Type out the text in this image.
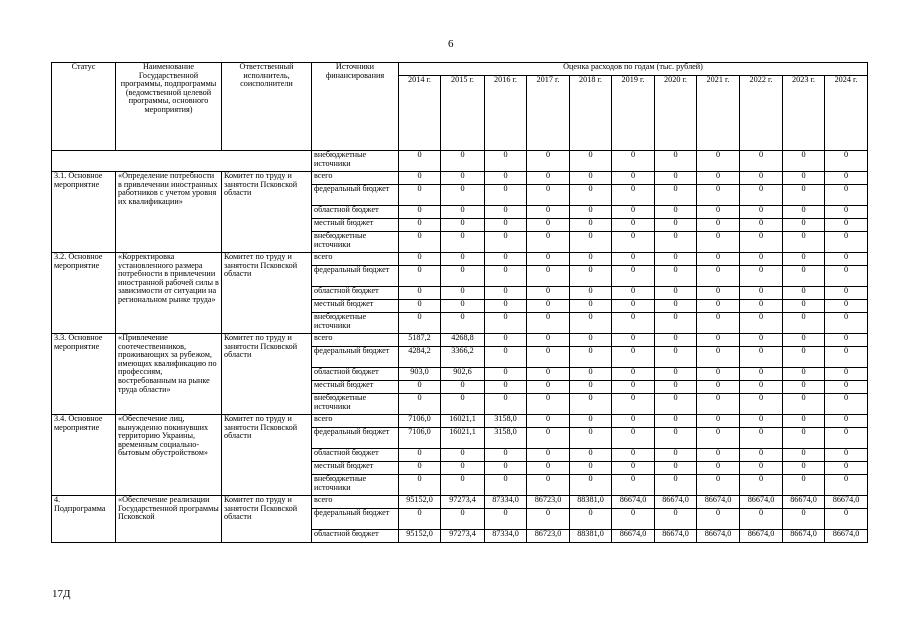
6
Статус	Наименование Государственной программы, подпрограммы (ведомственной целевой программы, основного мероприятия)	Ответственный исполнитель, соисполнители	Источники финансирования	Оценка расходов по годам (тыс. рублей)										
				2014 г.	2015 г.	2016 г.	2017 г.	2018 г.	2019 г.	2020 г.	2021 г.	2022 г.	2023 г.	2024 г.
			внебюджетные источники	0	0	0	0	0	0	0	0	0	0	0
3.1. Основное мероприятие	«Определение потребности в привлечении иностранных работников с учетом уровня их квалификации»	Комитет по труду и занятости Псковской области	всего	0	0	0	0	0	0	0	0	0	0	0
			федеральный бюджет	0	0	0	0	0	0	0	0	0	0	0
			областной бюджет	0	0	0	0	0	0	0	0	0	0	0
			местный бюджет	0	0	0	0	0	0	0	0	0	0	0
			внебюджетные источники	0	0	0	0	0	0	0	0	0	0	0
3.2. Основное мероприятие	«Корректировка установленного размера потребности в привлечении иностранной рабочей силы в зависимости от ситуации на региональном рынке труда»	Комитет по труду и занятости Псковской области	всего	0	0	0	0	0	0	0	0	0	0	0
			федеральный бюджет	0	0	0	0	0	0	0	0	0	0	0
			областной бюджет	0	0	0	0	0	0	0	0	0	0	0
			местный бюджет	0	0	0	0	0	0	0	0	0	0	0
			внебюджетные источники	0	0	0	0	0	0	0	0	0	0	0
3.3. Основное мероприятие	«Привлечение соотечественников, проживающих за рубежом, имеющих квалификацию по профессиям, востребованным на рынке труда области»	Комитет по труду и занятости Псковской области	всего	5187,2	4268,8	0	0	0	0	0	0	0	0	0
			федеральный бюджет	4284,2	3366,2	0	0	0	0	0	0	0	0	0
			областной бюджет	903,0	902,6	0	0	0	0	0	0	0	0	0
			местный бюджет	0	0	0	0	0	0	0	0	0	0	0
			внебюджетные источники	0	0	0	0	0	0	0	0	0	0	0
3.4. Основное мероприятие	«Обеспечение лиц, вынужденно покинувших территорию Украины, временным социально-бытовым обустройством»	Комитет по труду и занятости Псковской области	всего	7106,0	16021,1	3158,0	0	0	0	0	0	0	0	0
			федеральный бюджет	7106,0	16021,1	3158,0	0	0	0	0	0	0	0	0
			областной бюджет	0	0	0	0	0	0	0	0	0	0	0
			местный бюджет	0	0	0	0	0	0	0	0	0	0	0
			внебюджетные источники	0	0	0	0	0	0	0	0	0	0	0
4. Подпрограмма	«Обеспечение реализации Государственной программы Псковской	Комитет по труду и занятости Псковской области	всего	95152,0	97273,4	87334,0	86723,0	88381,0	86674,0	86674,0	86674,0	86674,0	86674,0	86674,0
			федеральный бюджет	0	0	0	0	0	0	0	0	0	0	0
			областной бюджет	95152,0	97273,4	87334,0	86723,0	88381,0	86674,0	86674,0	86674,0	86674,0	86674,0	86674,0
17Д
